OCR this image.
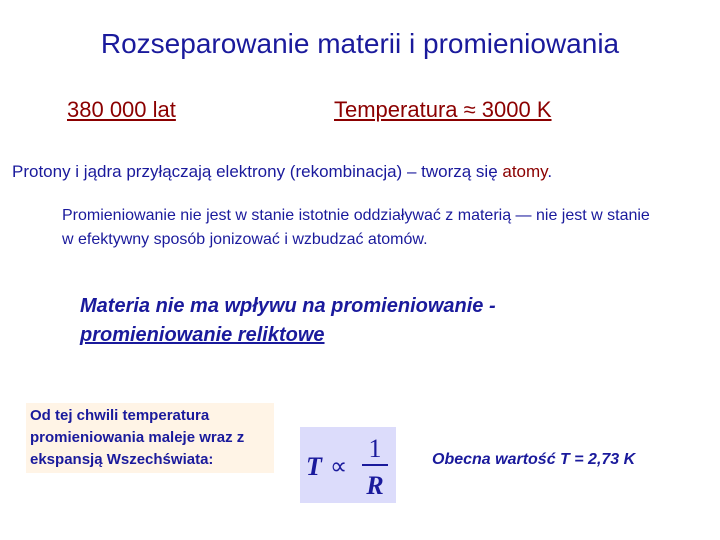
Rozseparowanie materii i promieniowania
380 000 lat	Temperatura ≈ 3000 K
Protony i jądra przyłączają elektrony (rekombinacja) – tworzą się atomy.
Promieniowanie nie jest w stanie istotnie oddziaływać z materią — nie jest w stanie w efektywny sposób jonizować i wzbudzać atomów.
Materia nie ma wpływu na promieniowanie -
promieniowanie reliktowe
Od tej chwili temperatura promieniowania maleje wraz z ekspansją Wszechświata:	T ∝
1
R
Obecna wartość T = 2,73 K
